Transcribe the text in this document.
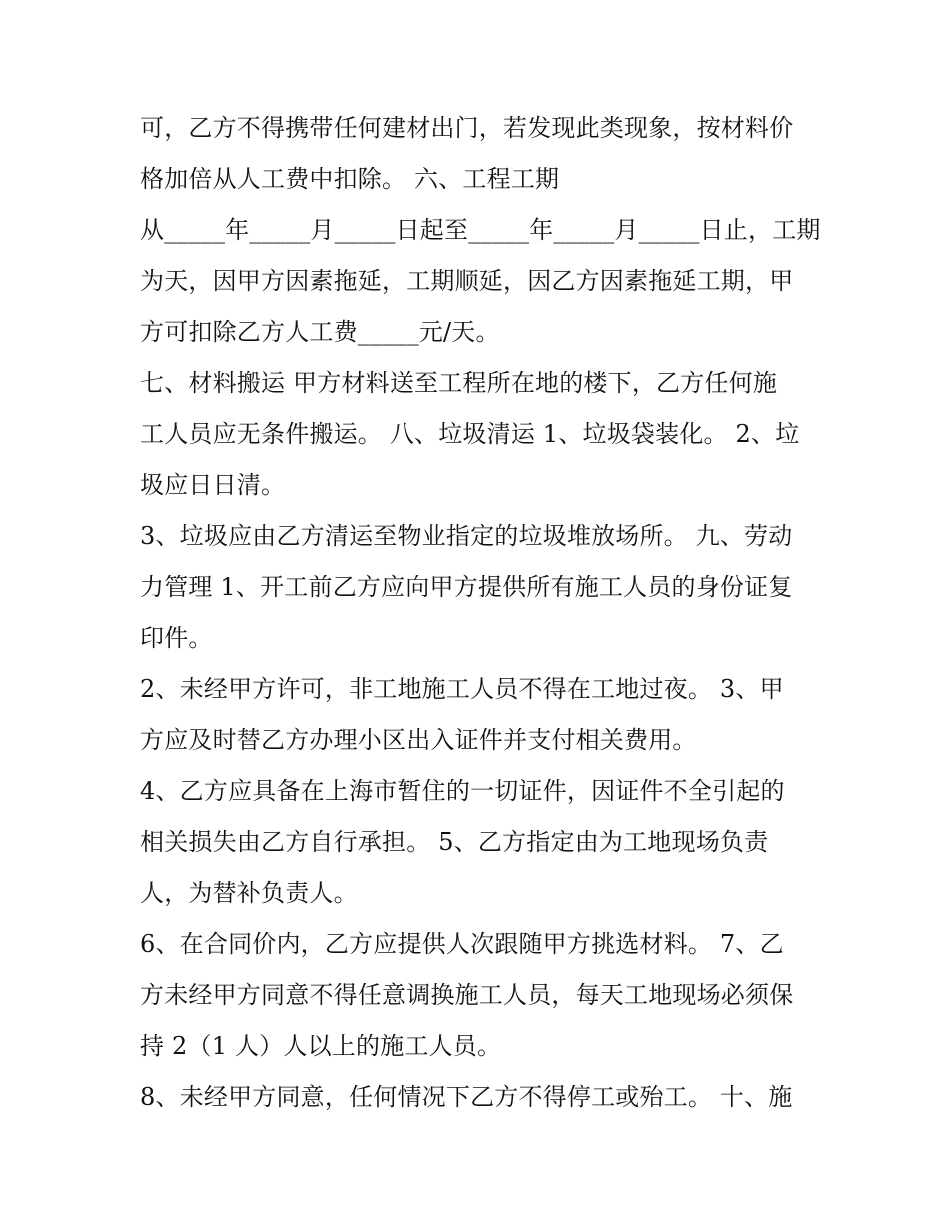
可，乙方不得携带任何建材出门，若发现此类现象，按材料价
格加倍从人工费中扣除。 六、工程工期
从_____年_____月_____日起至_____年_____月_____日止，工期
为天，因甲方因素拖延，工期顺延，因乙方因素拖延工期，甲
方可扣除乙方人工费_____元/天。
七、材料搬运 甲方材料送至工程所在地的楼下，乙方任何施
工人员应无条件搬运。 八、垃圾清运 1、垃圾袋装化。 2、垃
圾应日日清。
3、垃圾应由乙方清运至物业指定的垃圾堆放场所。 九、劳动
力管理 1、开工前乙方应向甲方提供所有施工人员的身份证复
印件。
2、未经甲方许可，非工地施工人员不得在工地过夜。 3、甲
方应及时替乙方办理小区出入证件并支付相关费用。
4、乙方应具备在上海市暂住的一切证件，因证件不全引起的
相关损失由乙方自行承担。 5、乙方指定由为工地现场负责
人，为替补负责人。
6、在合同价内，乙方应提供人次跟随甲方挑选材料。 7、乙
方未经甲方同意不得任意调换施工人员，每天工地现场必须保
持 2（1 人）人以上的施工人员。
8、未经甲方同意，任何情况下乙方不得停工或殆工。 十、施
